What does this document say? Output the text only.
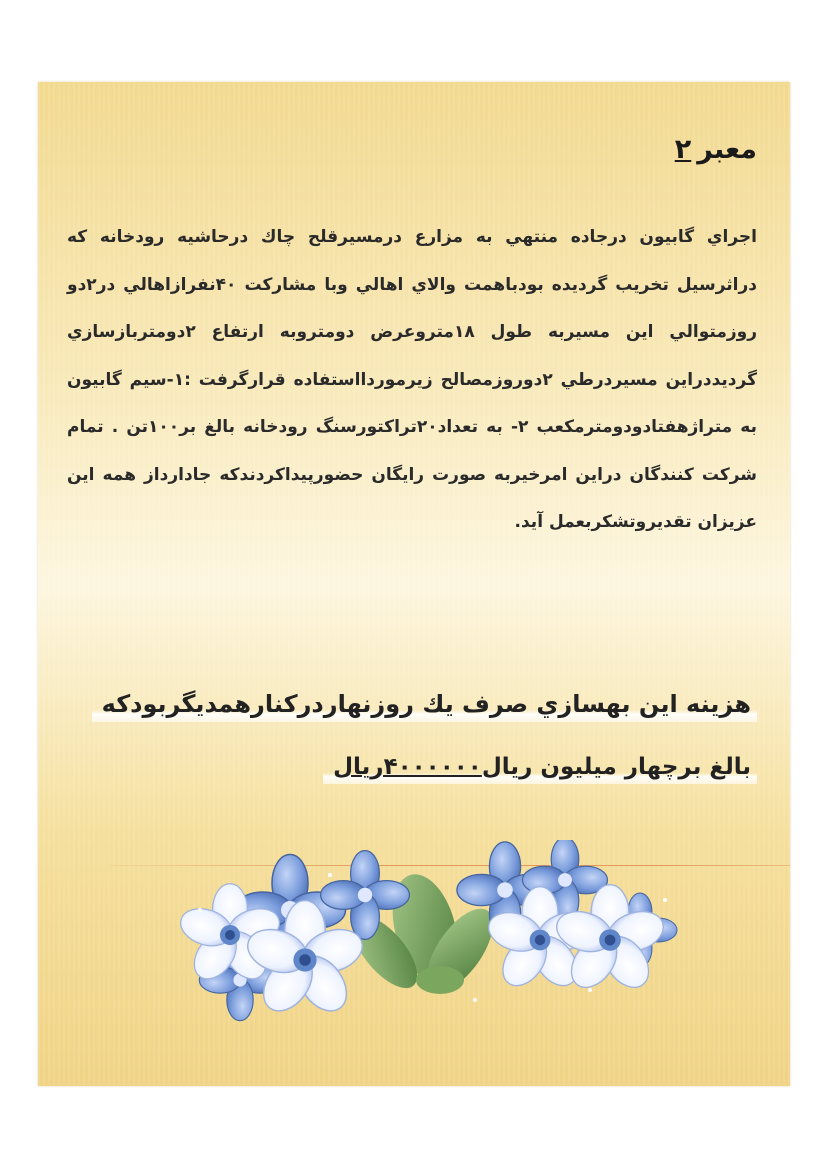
معبر۲

اجراي گابيون درجاده منتهي به مزارع درمسيرقلح چاك درحاشيه رودخانه كه دراثرسيل تخريب گرديده بودباهمت والاي اهالي وبا مشاركت ۴۰نفرازاهالي در۲دو روزمتوالي اين مسيربه طول ۱۸متروعرض دومتروبه ارتفاع ۲دومتربازسازي گرديددراين مسيردرطي ۲دوروزمصالح زيرموردااستفاده قرارگرفت :۱-سيم گابيون به متراژهفتادودومترمكعب ۲- به تعداد۲۰تراكتورسنگ رودخانه بالغ بر۱۰۰تن . تمام شركت كنندگان دراين امرخيربه صورت رايگان حضورپيداكردندكه جادارداز همه اين عزيزان تقديروتشكربعمل آيد.

هزينه اين بهسازي صرف يك روزنهاردركنارهمديگربودكه
بالغ برچهار ميليون ريال۴۰۰۰۰۰۰ريال
